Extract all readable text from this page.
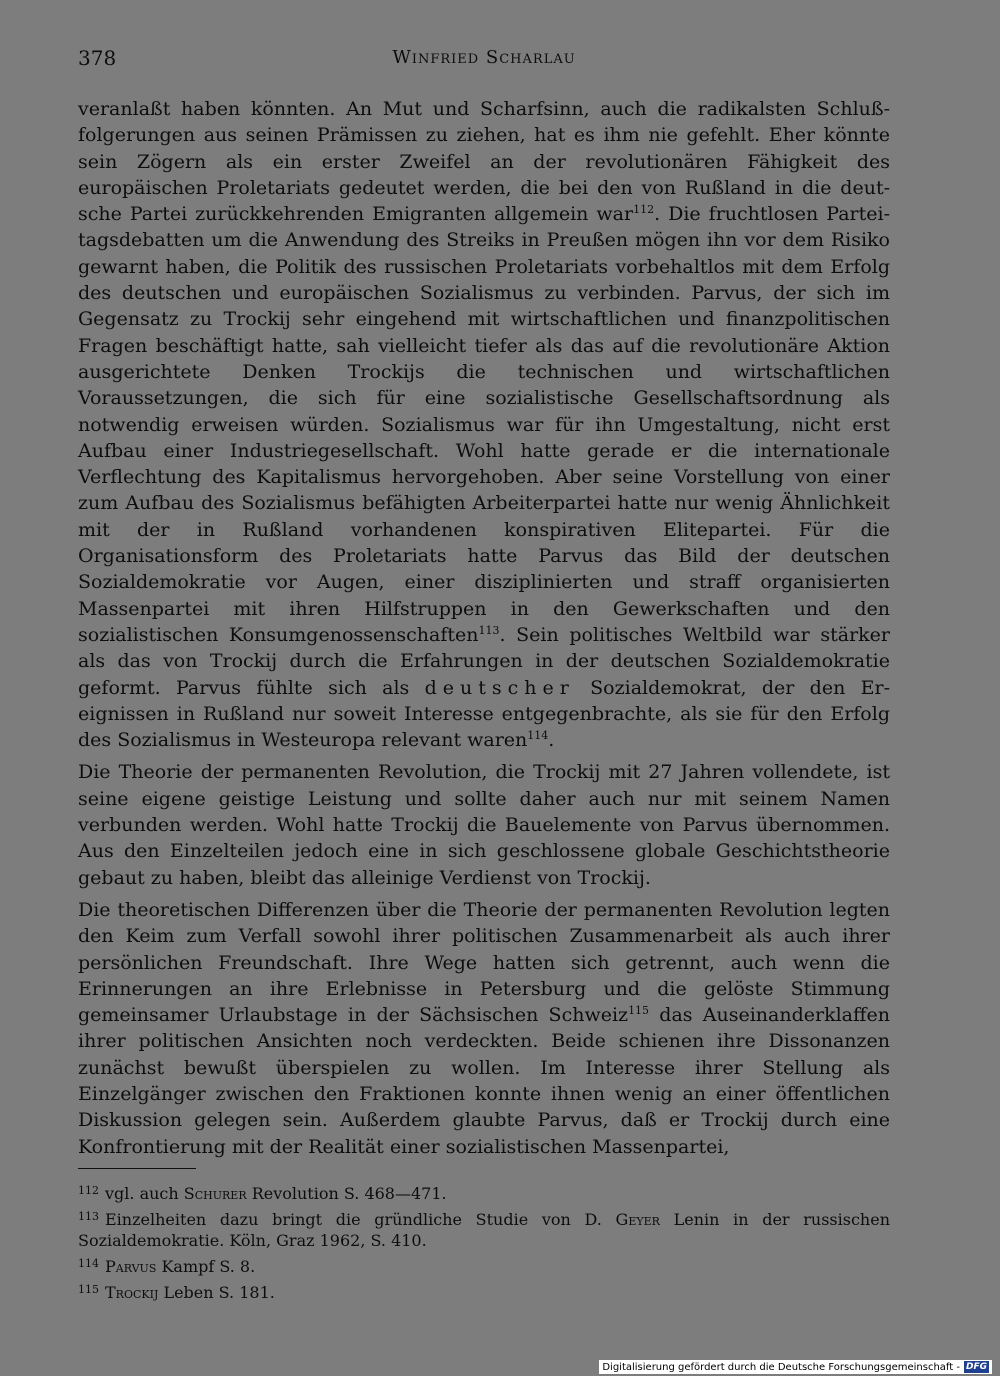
378	Winfried Scharlau

veranlaßt haben könnten. An Mut und Scharfsinn, auch die radikalsten Schlußfolgerungen aus seinen Prämissen zu ziehen, hat es ihm nie gefehlt. Eher könnte sein Zögern als ein erster Zweifel an der revolutionären Fähigkeit des europäischen Proletariats gedeutet werden, die bei den von Rußland in die deutsche Partei zurückkehrenden Emigranten allgemein war$^{112}$. Die fruchtlosen Parteitagsdebatten um die Anwendung des Streiks in Preußen mögen ihn vor dem Risiko gewarnt haben, die Politik des russischen Proletariats vorbehaltlos mit dem Erfolg des deutschen und europäischen Sozialismus zu verbinden. Parvus, der sich im Gegensatz zu Trockij sehr eingehend mit wirtschaftlichen und finanzpolitischen Fragen beschäftigt hatte, sah vielleicht tiefer als das auf die revolutionäre Aktion ausgerichtete Denken Trockijs die technischen und wirtschaftlichen Voraussetzungen, die sich für eine sozialistische Gesellschaftsordnung als notwendig erweisen würden. Sozialismus war für ihn Umgestaltung, nicht erst Aufbau einer Industriegesellschaft. Wohl hatte gerade er die internationale Verflechtung des Kapitalismus hervorgehoben. Aber seine Vorstellung von einer zum Aufbau des Sozialismus befähigten Arbeiterpartei hatte nur wenig Ähnlichkeit mit der in Rußland vorhandenen konspirativen Elitepartei. Für die Organisationsform des Proletariats hatte Parvus das Bild der deutschen Sozialdemokratie vor Augen, einer disziplinierten und straff organisierten Massenpartei mit ihren Hilfstruppen in den Gewerkschaften und den sozialistischen Konsumgenossenschaften$^{113}$. Sein politisches Weltbild war stärker als das von Trockij durch die Erfahrungen in der deutschen Sozialdemokratie geformt. Parvus fühlte sich als deutscher Sozialdemokrat, der den Ereignissen in Rußland nur soweit Interesse entgegenbrachte, als sie für den Erfolg des Sozialismus in Westeuropa relevant waren$^{114}$.

Die Theorie der permanenten Revolution, die Trockij mit 27 Jahren vollendete, ist seine eigene geistige Leistung und sollte daher auch nur mit seinem Namen verbunden werden. Wohl hatte Trockij die Bauelemente von Parvus übernommen. Aus den Einzelteilen jedoch eine in sich geschlossene globale Geschichtstheorie gebaut zu haben, bleibt das alleinige Verdienst von Trockij.

Die theoretischen Differenzen über die Theorie der permanenten Revolution legten den Keim zum Verfall sowohl ihrer politischen Zusammenarbeit als auch ihrer persönlichen Freundschaft. Ihre Wege hatten sich getrennt, auch wenn die Erinnerungen an ihre Erlebnisse in Petersburg und die gelöste Stimmung gemeinsamer Urlaubstage in der Sächsischen Schweiz$^{115}$ das Auseinanderklaffen ihrer politischen Ansichten noch verdeckten. Beide schienen ihre Dissonanzen zunächst bewußt überspielen zu wollen. Im Interesse ihrer Stellung als Einzelgänger zwischen den Fraktionen konnte ihnen wenig an einer öffentlichen Diskussion gelegen sein. Außerdem glaubte Parvus, daß er Trockij durch eine Konfrontierung mit der Realität einer sozialistischen Massenpartei,

$^{112}$ vgl. auch Schurer Revolution S. 468—471.

$^{113}$ Einzelheiten dazu bringt die gründliche Studie von D. Geyer Lenin in der russischen Sozialdemokratie. Köln, Graz 1962, S. 410.

$^{114}$ Parvus Kampf S. 8.

$^{115}$ Trockij Leben S. 181.

Digitalisierung gefördert durch die Deutsche Forschungsgemeinschaft - DFG
